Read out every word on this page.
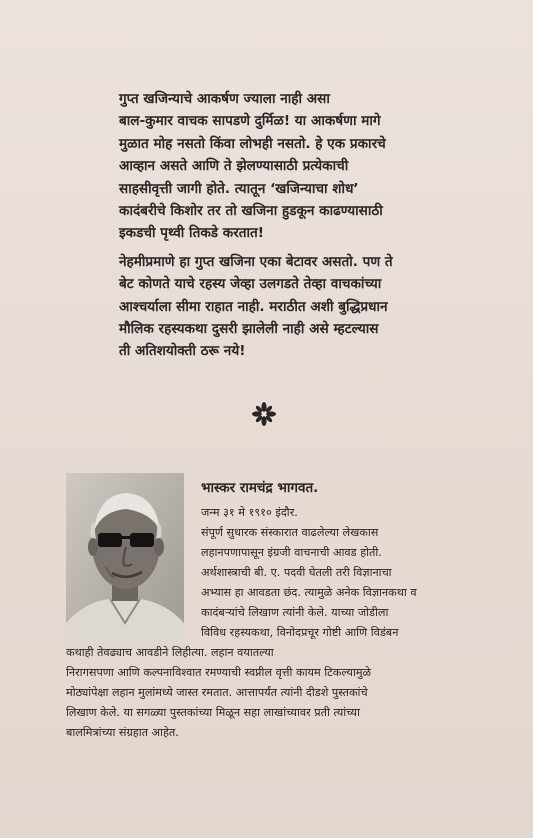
गुप्त खजिन्याचे आकर्षण ज्याला नाही असा
बाल-कुमार वाचक सापडणे दुर्मिळ! या आकर्षणा मागे
मुळात मोह नसतो किंवा लोभही नसतो. हे एक प्रकारचे
आव्हान असते आणि ते झेलण्यासाठी प्रत्येकाची
साहसीवृत्ती जागी होते. त्यातून ‘खजिन्याचा शोध’
कादंबरीचे किशोर तर तो खजिना हुडकून काढण्यासाठी
इकडची पृथ्वी तिकडे करतात!

नेहमीप्रमाणे हा गुप्त खजिना एका बेटावर असतो. पण ते
बेट कोणते याचे रहस्य जेव्हा उलगडते तेव्हा वाचकांच्या
आश्चर्याला सीमा राहात नाही. मराठीत अशी बुद्धिप्रधान
मौलिक रहस्यकथा दुसरी झालेली नाही असे म्हटल्यास
ती अतिशयोक्ती ठरू नये!

भास्कर रामचंद्र भागवत.
जन्म ३१ मे १९१० इंदौर.
संपूर्ण सुधारक संस्कारात वाढलेल्या लेखकास
लहानपणापासून इंग्रजी वाचनाची आवड होती.
अर्थशास्त्राची बी. ए. पदवी घेतली तरी विज्ञानाचा
अभ्यास हा आवडता छंद. त्यामुळे अनेक विज्ञानकथा व
कादंबऱ्यांचे लिखाण त्यांनी केले. याच्या जोडीला
विविध रहस्यकथा, विनोदप्रचूर गोष्टी आणि विडंबन
कथाही तेवढ्याच आवडीने लिहीत्या. लहान वयातल्या
निरागसपणा आणि कल्पनाविश्वात रमण्याची स्वप्नील वृत्ती कायम टिकल्यामुळे
मोठ्यांपेक्षा लहान मुलांमध्ये जास्त रमतात. आत्तापर्यंत त्यांनी दीडशे पुस्तकांचे
लिखाण केले. या सगळ्या पुस्तकांच्या मिळून सहा लाखांच्यावर प्रती त्यांच्या
बालमित्रांच्या संग्रहात आहेत.
